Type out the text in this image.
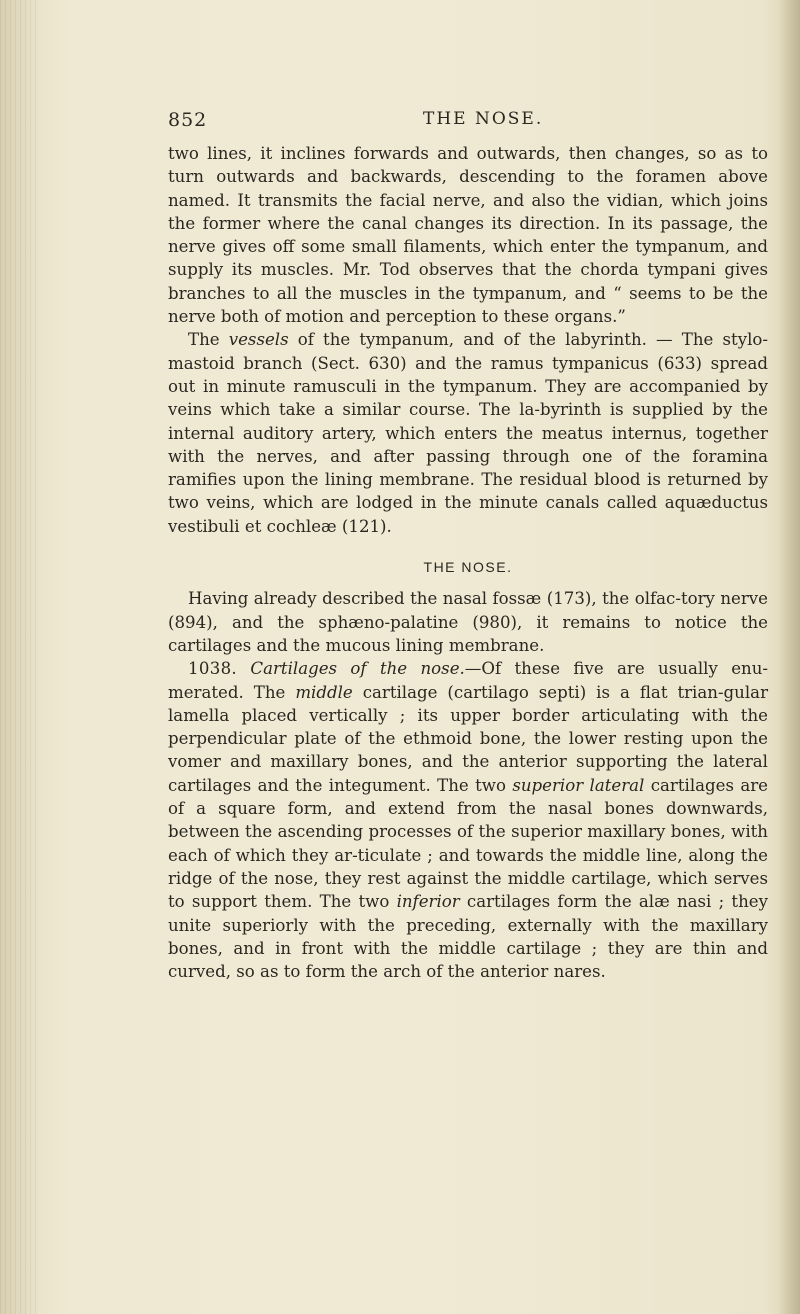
852	THE NOSE.

two lines, it inclines forwards and outwards, then changes, so as to turn outwards and backwards, descending to the foramen above named. It transmits the facial nerve, and also the vidian, which joins the former where the canal changes its direction. In its passage, the nerve gives off some small filaments, which enter the tympanum, and supply its muscles. Mr. Tod observes that the chorda tympani gives branches to all the muscles in the tympanum, and “ seems to be the nerve both of motion and perception to these organs.”

The vessels of the tympanum, and of the labyrinth. — The stylo-mastoid branch (Sect. 630) and the ramus tympanicus (633) spread out in minute ramusculi in the tympanum. They are accompanied by veins which take a similar course. The la-byrinth is supplied by the internal auditory artery, which enters the meatus internus, together with the nerves, and after passing through one of the foramina ramifies upon the lining membrane. The residual blood is returned by two veins, which are lodged in the minute canals called aquæductus vestibuli et cochleæ (121).

THE NOSE.

Having already described the nasal fossæ (173), the olfac-tory nerve (894), and the sphæno-palatine (980), it remains to notice the cartilages and the mucous lining membrane.

1038. Cartilages of the nose.—Of these five are usually enu-merated. The middle cartilage (cartilago septi) is a flat trian-gular lamella placed vertically ; its upper border articulating with the perpendicular plate of the ethmoid bone, the lower resting upon the vomer and maxillary bones, and the anterior supporting the lateral cartilages and the integument. The two superior lateral cartilages are of a square form, and extend from the nasal bones downwards, between the ascending processes of the superior maxillary bones, with each of which they ar-ticulate ; and towards the middle line, along the ridge of the nose, they rest against the middle cartilage, which serves to support them. The two inferior cartilages form the alæ nasi ; they unite superiorly with the preceding, externally with the maxillary bones, and in front with the middle cartilage ; they are thin and curved, so as to form the arch of the anterior nares.
